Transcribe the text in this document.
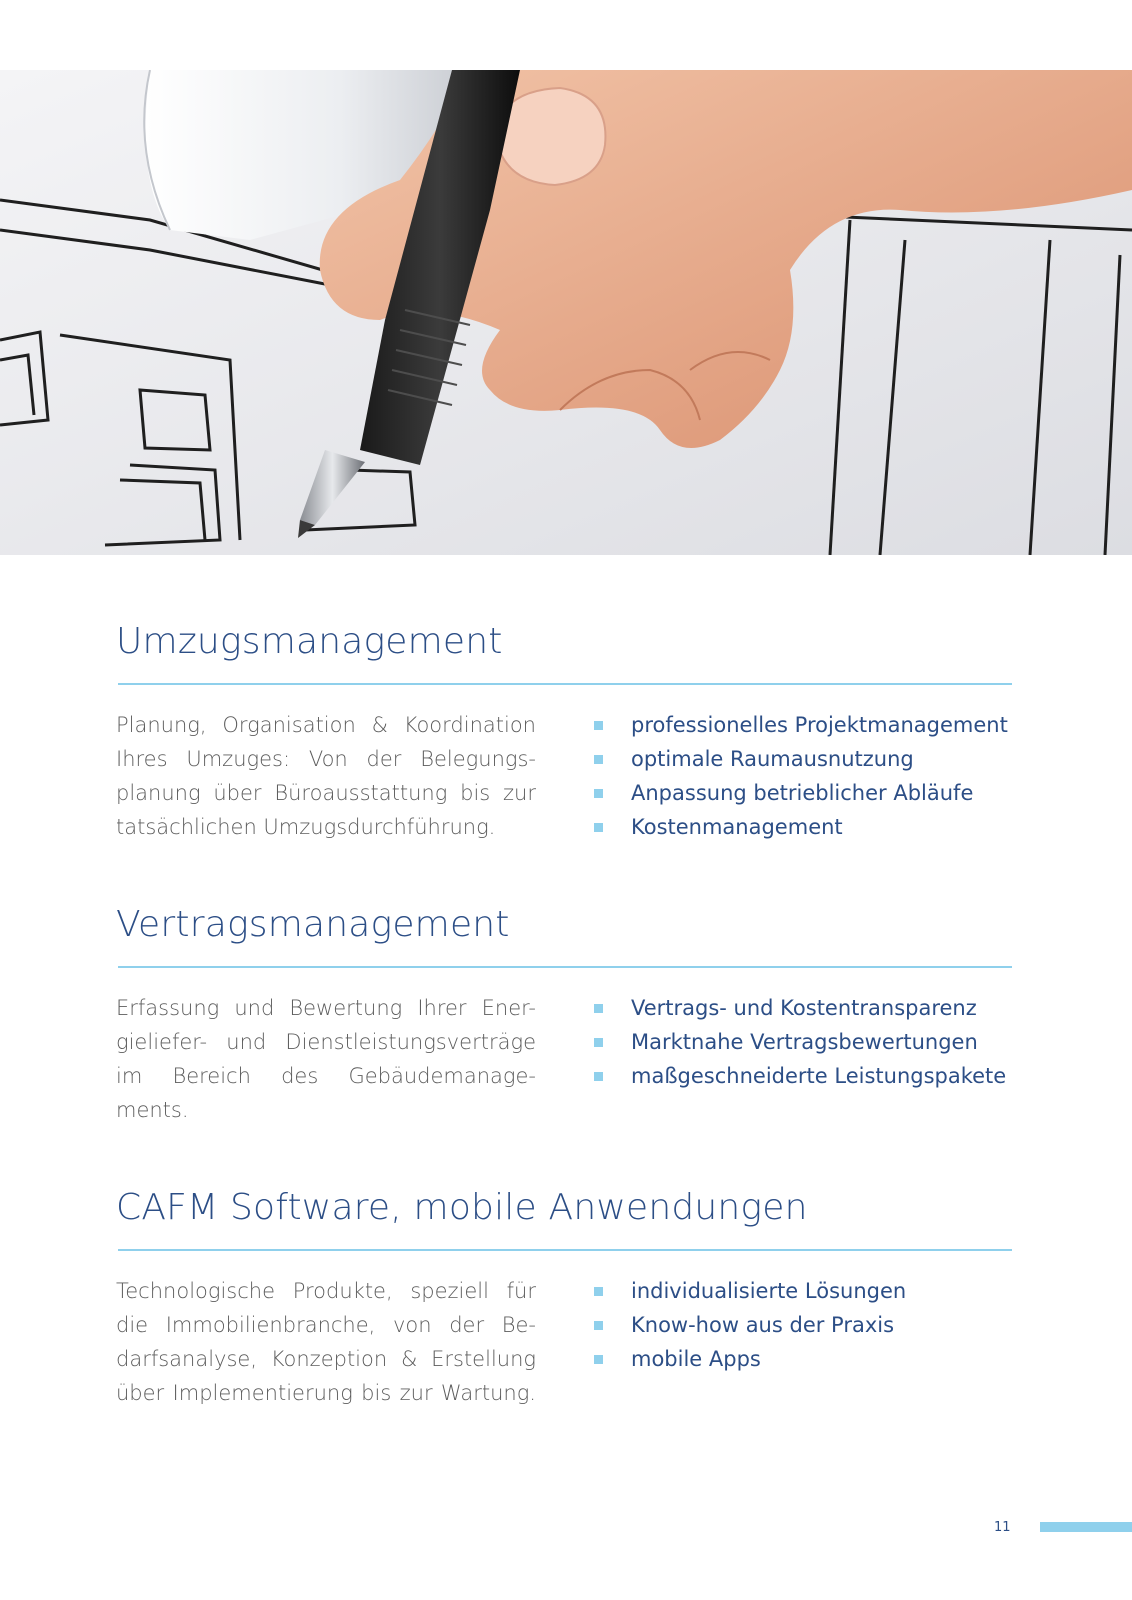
Umzugsmanagement

Planung, Organisation & Koordination
Ihres Umzuges: Von der Belegungs-
planung über Büroausstattung bis zur
tatsächlichen Umzugsdurchführung.

professionelles Projektmanagement
optimale Raumausnutzung
Anpassung betrieblicher Abläufe
Kostenmanagement
Vertragsmanagement

Erfassung und Bewertung Ihrer Ener-
gieliefer- und Dienstleistungsverträge
im Bereich des Gebäudemanage-
ments.

Vertrags- und Kostentransparenz
Marktnahe Vertragsbewertungen
maßgeschneiderte Leistungspakete
CAFM Software, mobile Anwendungen

Technologische Produkte, speziell für
die Immobilienbranche, von der Be-
darfsanalyse, Konzeption & Erstellung
über Implementierung bis zur Wartung.

individualisierte Lösungen
Know-how aus der Praxis
mobile Apps
11
